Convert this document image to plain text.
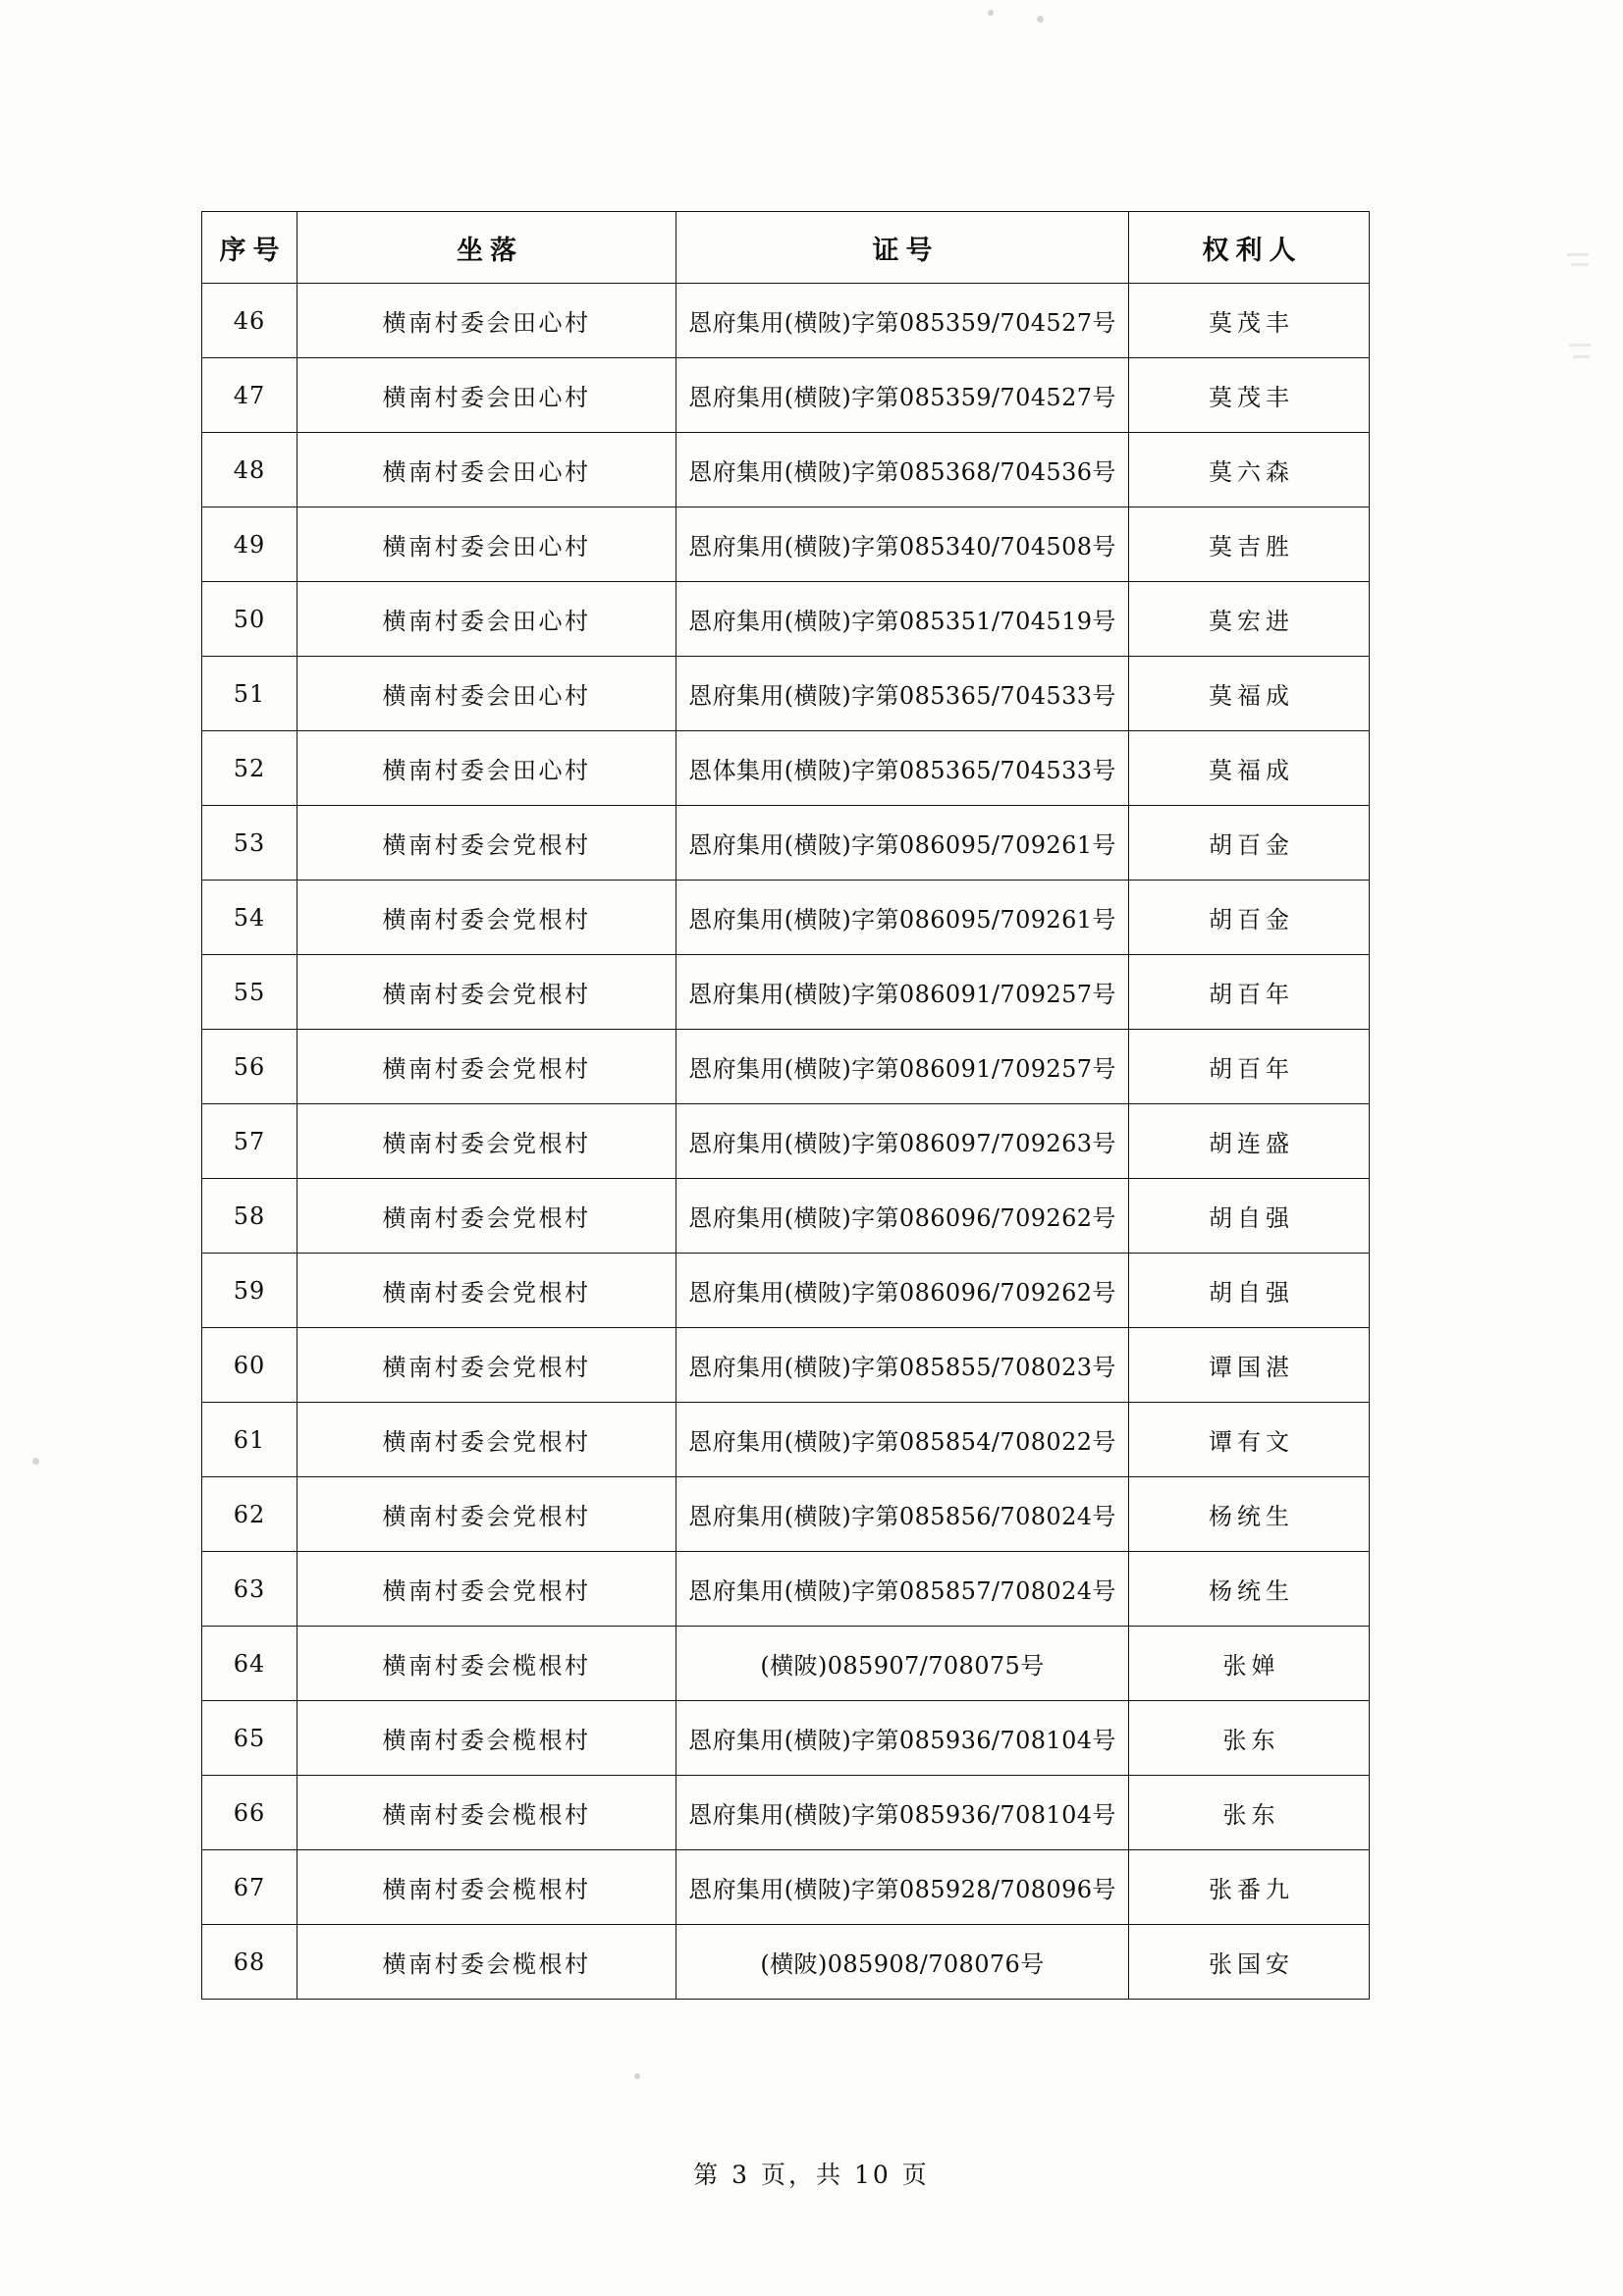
序号	坐落	证号	权利人
46	横南村委会田心村	恩府集用(横陂)字第085359/704527号	莫茂丰
47	横南村委会田心村	恩府集用(横陂)字第085359/704527号	莫茂丰
48	横南村委会田心村	恩府集用(横陂)字第085368/704536号	莫六森
49	横南村委会田心村	恩府集用(横陂)字第085340/704508号	莫吉胜
50	横南村委会田心村	恩府集用(横陂)字第085351/704519号	莫宏进
51	横南村委会田心村	恩府集用(横陂)字第085365/704533号	莫福成
52	横南村委会田心村	恩体集用(横陂)字第085365/704533号	莫福成
53	横南村委会党根村	恩府集用(横陂)字第086095/709261号	胡百金
54	横南村委会党根村	恩府集用(横陂)字第086095/709261号	胡百金
55	横南村委会党根村	恩府集用(横陂)字第086091/709257号	胡百年
56	横南村委会党根村	恩府集用(横陂)字第086091/709257号	胡百年
57	横南村委会党根村	恩府集用(横陂)字第086097/709263号	胡连盛
58	横南村委会党根村	恩府集用(横陂)字第086096/709262号	胡自强
59	横南村委会党根村	恩府集用(横陂)字第086096/709262号	胡自强
60	横南村委会党根村	恩府集用(横陂)字第085855/708023号	谭国湛
61	横南村委会党根村	恩府集用(横陂)字第085854/708022号	谭有文
62	横南村委会党根村	恩府集用(横陂)字第085856/708024号	杨统生
63	横南村委会党根村	恩府集用(横陂)字第085857/708024号	杨统生
64	横南村委会榄根村	(横陂)085907/708075号	张婵
65	横南村委会榄根村	恩府集用(横陂)字第085936/708104号	张东
66	横南村委会榄根村	恩府集用(横陂)字第085936/708104号	张东
67	横南村委会榄根村	恩府集用(横陂)字第085928/708096号	张番九
68	横南村委会榄根村	(横陂)085908/708076号	张国安
第 3 页，共 10 页
